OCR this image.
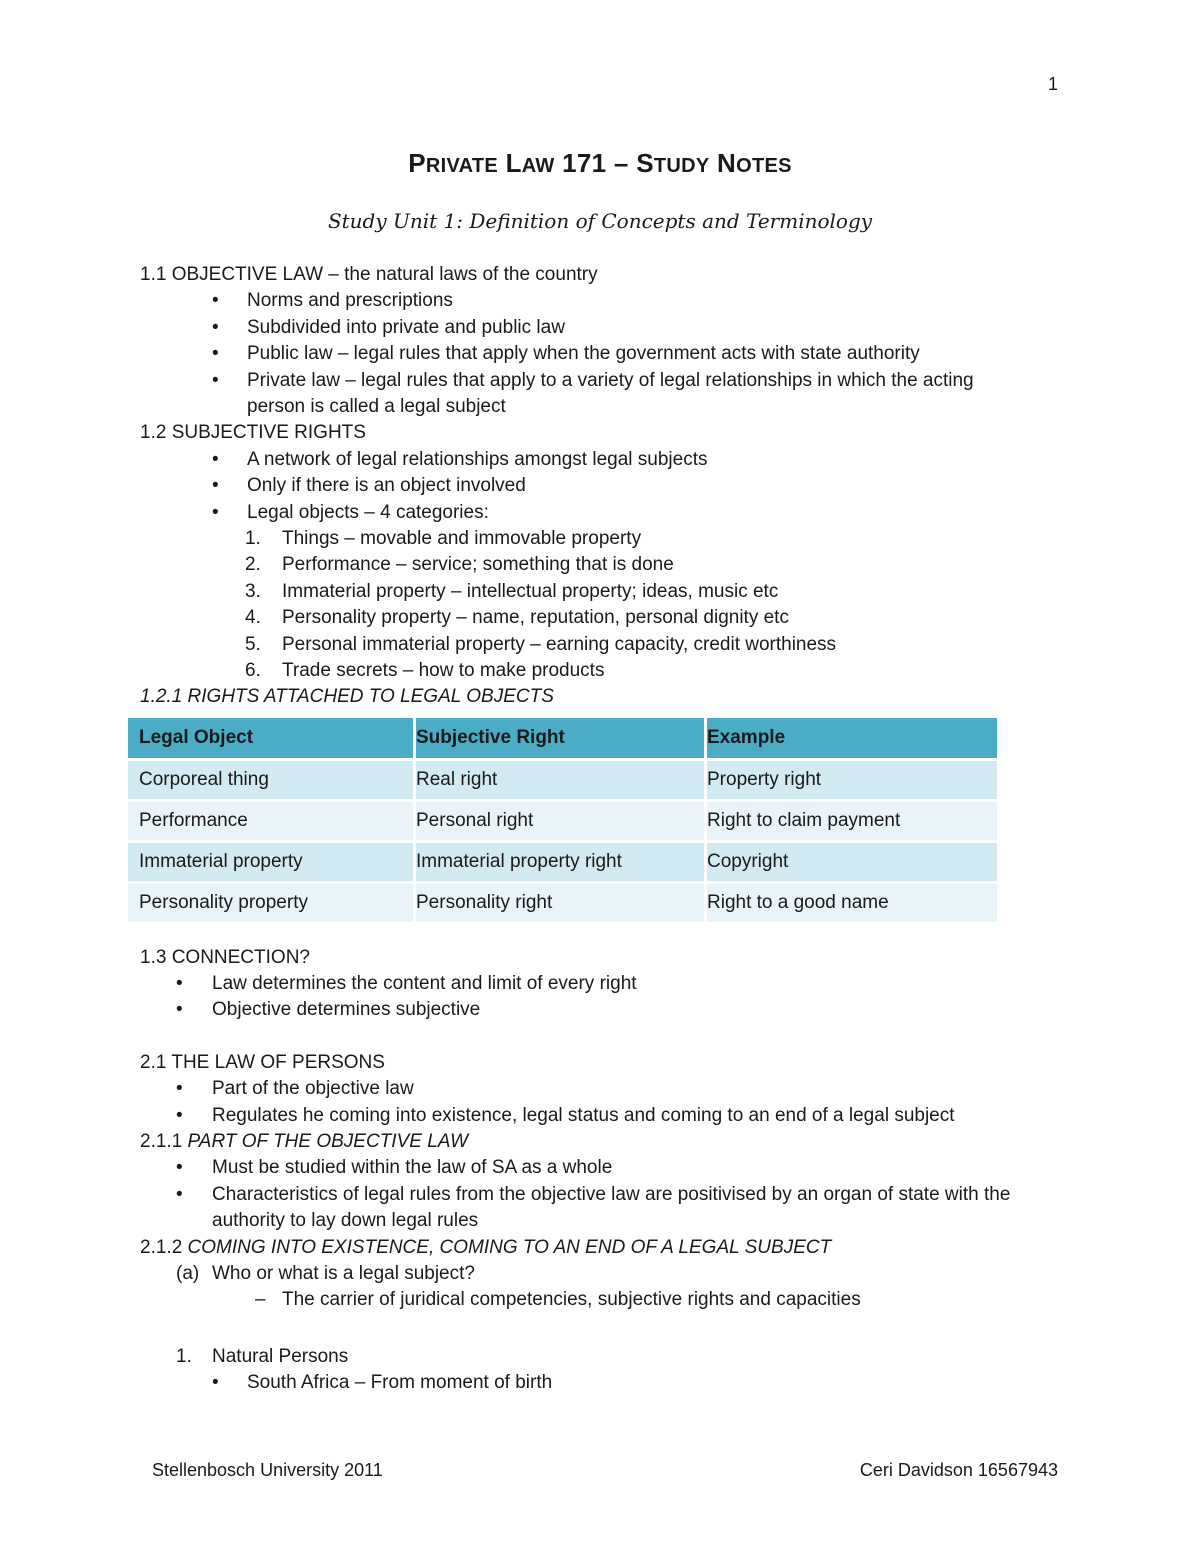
1
PRIVATE LAW 171 – STUDY NOTES
Study Unit 1: Definition of Concepts and Terminology
1.1 OBJECTIVE LAW – the natural laws of the country
• Norms and prescriptions
• Subdivided into private and public law
• Public law – legal rules that apply when the government acts with state authority
• Private law – legal rules that apply to a variety of legal relationships in which the acting person is called a legal subject
1.2 SUBJECTIVE RIGHTS
• A network of legal relationships amongst legal subjects
• Only if there is an object involved
• Legal objects – 4 categories:
1. Things – movable and immovable property
2. Performance – service; something that is done
3. Immaterial property – intellectual property; ideas, music etc
4. Personality property – name, reputation, personal dignity etc
5. Personal immaterial property – earning capacity, credit worthiness
6. Trade secrets – how to make products
1.2.1 RIGHTS ATTACHED TO LEGAL OBJECTS
Legal Object	Subjective Right	Example
Corporeal thing	Real right	Property right
Performance	Personal right	Right to claim payment
Immaterial property	Immaterial property right	Copyright
Personality property	Personality right	Right to a good name
1.3 CONNECTION?
• Law determines the content and limit of every right
• Objective determines subjective
2.1 THE LAW OF PERSONS
• Part of the objective law
• Regulates he coming into existence, legal status and coming to an end of a legal subject
2.1.1 PART OF THE OBJECTIVE LAW
• Must be studied within the law of SA as a whole
• Characteristics of legal rules from the objective law are positivised by an organ of state with the authority to lay down legal rules
2.1.2 COMING INTO EXISTENCE, COMING TO AN END OF A LEGAL SUBJECT
(a) Who or what is a legal subject?
– The carrier of juridical competencies, subjective rights and capacities
1. Natural Persons
• South Africa – From moment of birth
Stellenbosch University 2011	Ceri Davidson 16567943
